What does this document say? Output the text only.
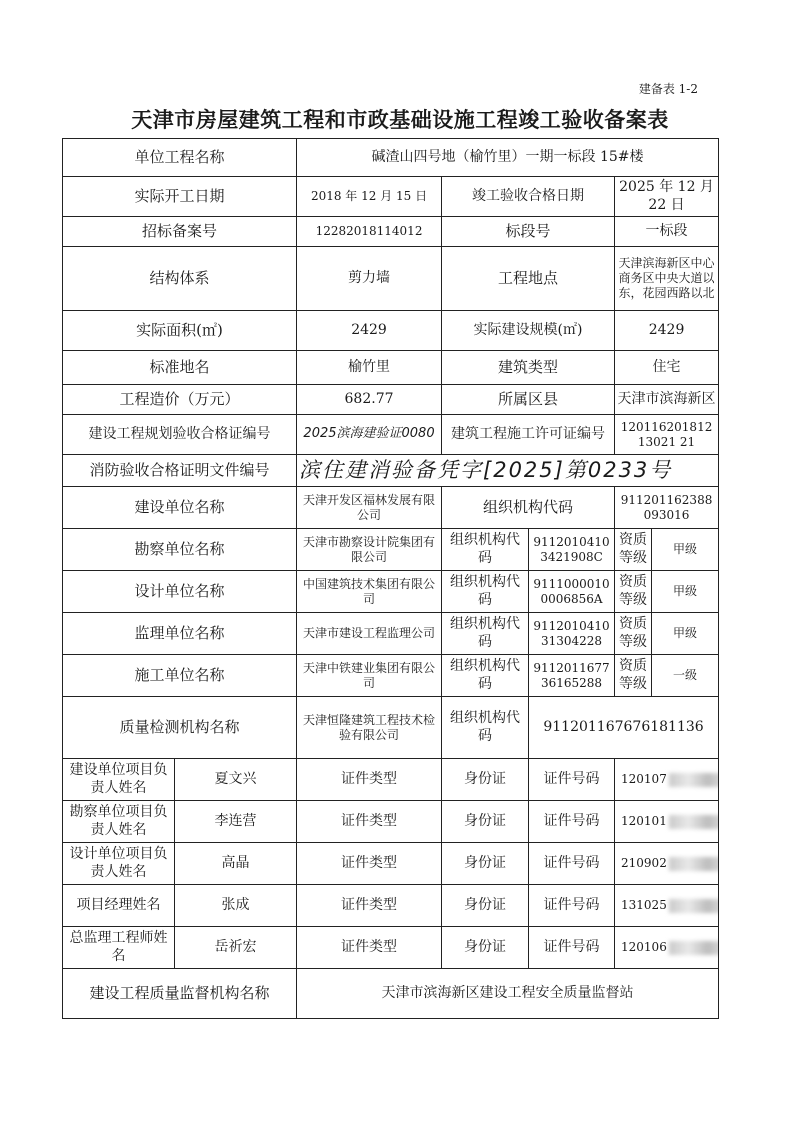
建备表 1-2
天津市房屋建筑工程和市政基础设施工程竣工验收备案表
单位工程名称		碱渣山四号地（榆竹里）一期一标段 15#楼				
实际开工日期		2018 年 12 月 15 日	竣工验收合格日期		2025 年 12 月 22 日	
招标备案号		12282018114012	标段号		一标段	
结构体系		剪力墙	工程地点		天津滨海新区中心商务区中央大道以东，花园西路以北	
实际面积(㎡)		2429	实际建设规模(㎡)		2429	
标准地名		榆竹里	建筑类型		住宅	
工程造价（万元）		682.77	所属区县		天津市滨海新区	
建设工程规划验收合格证编号		2025滨海建验证0080	建筑工程施工许可证编号		12011620181213021 21	
消防验收合格证明文件编号		滨住建消验备凭字[2025]第0233号				
建设单位名称		天津开发区福林发展有限公司	组织机构代码		911201162388093016	
勘察单位名称		天津市勘察设计院集团有限公司	组织机构代码	91120104103421908C	资质等级	甲级
设计单位名称		中国建筑技术集团有限公司	组织机构代码	91110000100006856A	资质等级	甲级
监理单位名称		天津市建设工程监理公司	组织机构代码	911201041031304228	资质等级	甲级
施工单位名称		天津中铁建业集团有限公司	组织机构代码	911201167736165288	资质等级	一级
质量检测机构名称		天津恒隆建筑工程技术检验有限公司	组织机构代码	911201167676181136		
建设单位项目负责人姓名	夏文兴	证件类型	身份证	证件号码	120107	
勘察单位项目负责人姓名	李连营	证件类型	身份证	证件号码	120101	
设计单位项目负责人姓名	高晶	证件类型	身份证	证件号码	210902	
项目经理姓名	张成	证件类型	身份证	证件号码	131025	
总监理工程师姓名	岳祈宏	证件类型	身份证	证件号码	120106	
建设工程质量监督机构名称		天津市滨海新区建设工程安全质量监督站				
